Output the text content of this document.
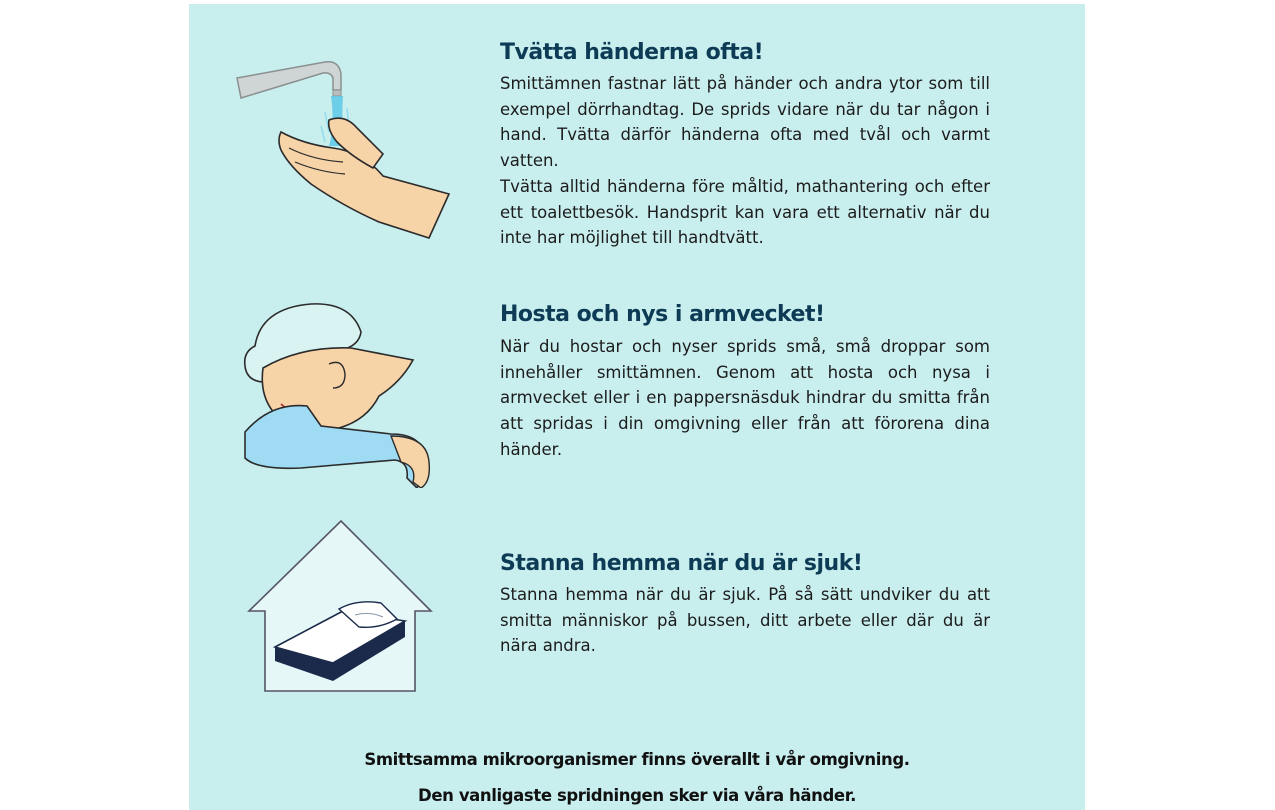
Tvätta händerna ofta!

Smittämnen fastnar lätt på händer och andra ytor som till exempel dörrhandtag. De sprids vidare när du tar någon i hand. Tvätta därför händerna ofta med tvål och varmt vatten.

Tvätta alltid händerna före måltid, mathantering och efter ett toalettbesök. Handsprit kan vara ett alternativ när du inte har möjlighet till handtvätt.

Hosta och nys i armvecket!

När du hostar och nyser sprids små, små droppar som innehåller smittämnen. Genom att hosta och nysa i armvecket eller i en pappersnäsduk hindrar du smitta från att spridas i din omgivning eller från att förorena dina händer.

Stanna hemma när du är sjuk!

Stanna hemma när du är sjuk. På så sätt undviker du att smitta människor på bussen, ditt arbete eller där du är nära andra.

Smittsamma mikroorganismer finns överallt i vår omgivning.

Den vanligaste spridningen sker via våra händer.
